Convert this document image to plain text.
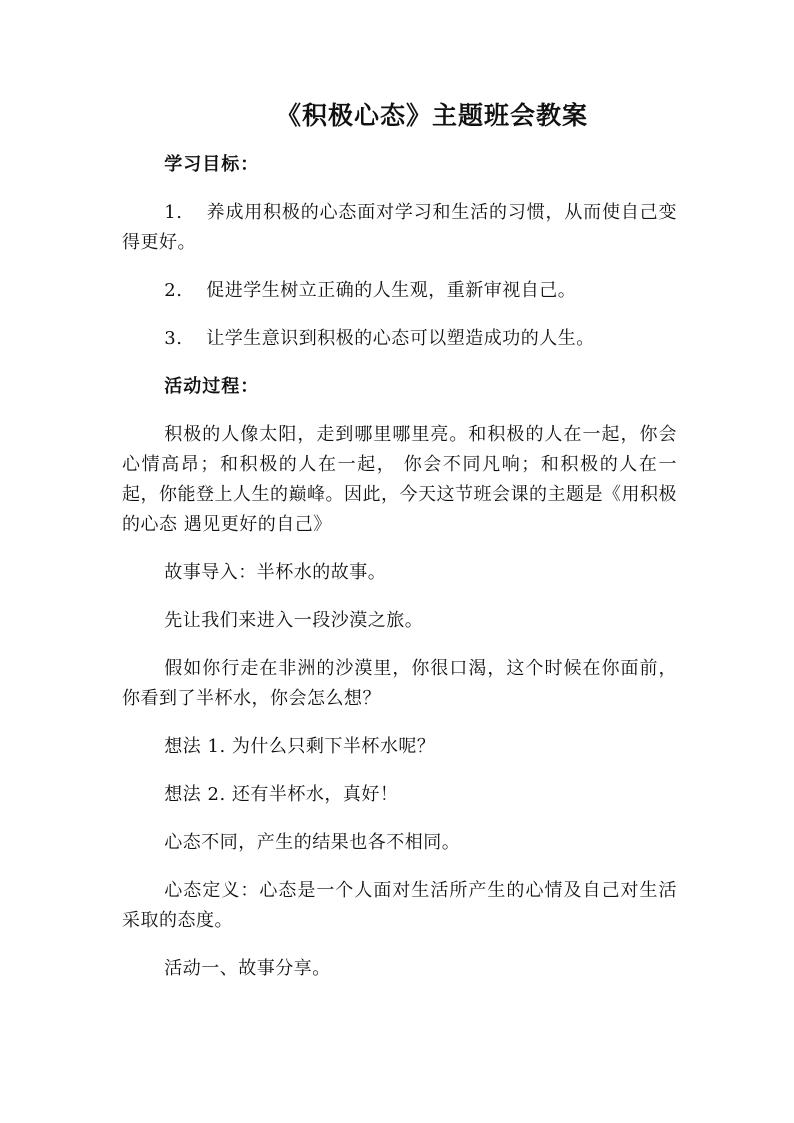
《积极心态》主题班会教案

学习目标：

1. 养成用积极的心态面对学习和生活的习惯，从而使自己变得更好。

2. 促进学生树立正确的人生观，重新审视自己。

3. 让学生意识到积极的心态可以塑造成功的人生。

活动过程：

积极的人像太阳，走到哪里哪里亮。和积极的人在一起，你会心情高昂；和积极的人在一起， 你会不同凡响；和积极的人在一起，你能登上人生的巅峰。因此，今天这节班会课的主题是《用积极的心态 遇见更好的自己》

故事导入：半杯水的故事。

先让我们来进入一段沙漠之旅。

假如你行走在非洲的沙漠里，你很口渴，这个时候在你面前，你看到了半杯水，你会怎么想？

想法 1. 为什么只剩下半杯水呢？

想法 2. 还有半杯水，真好！

心态不同，产生的结果也各不相同。

心态定义：心态是一个人面对生活所产生的心情及自己对生活采取的态度。

活动一、故事分享。
